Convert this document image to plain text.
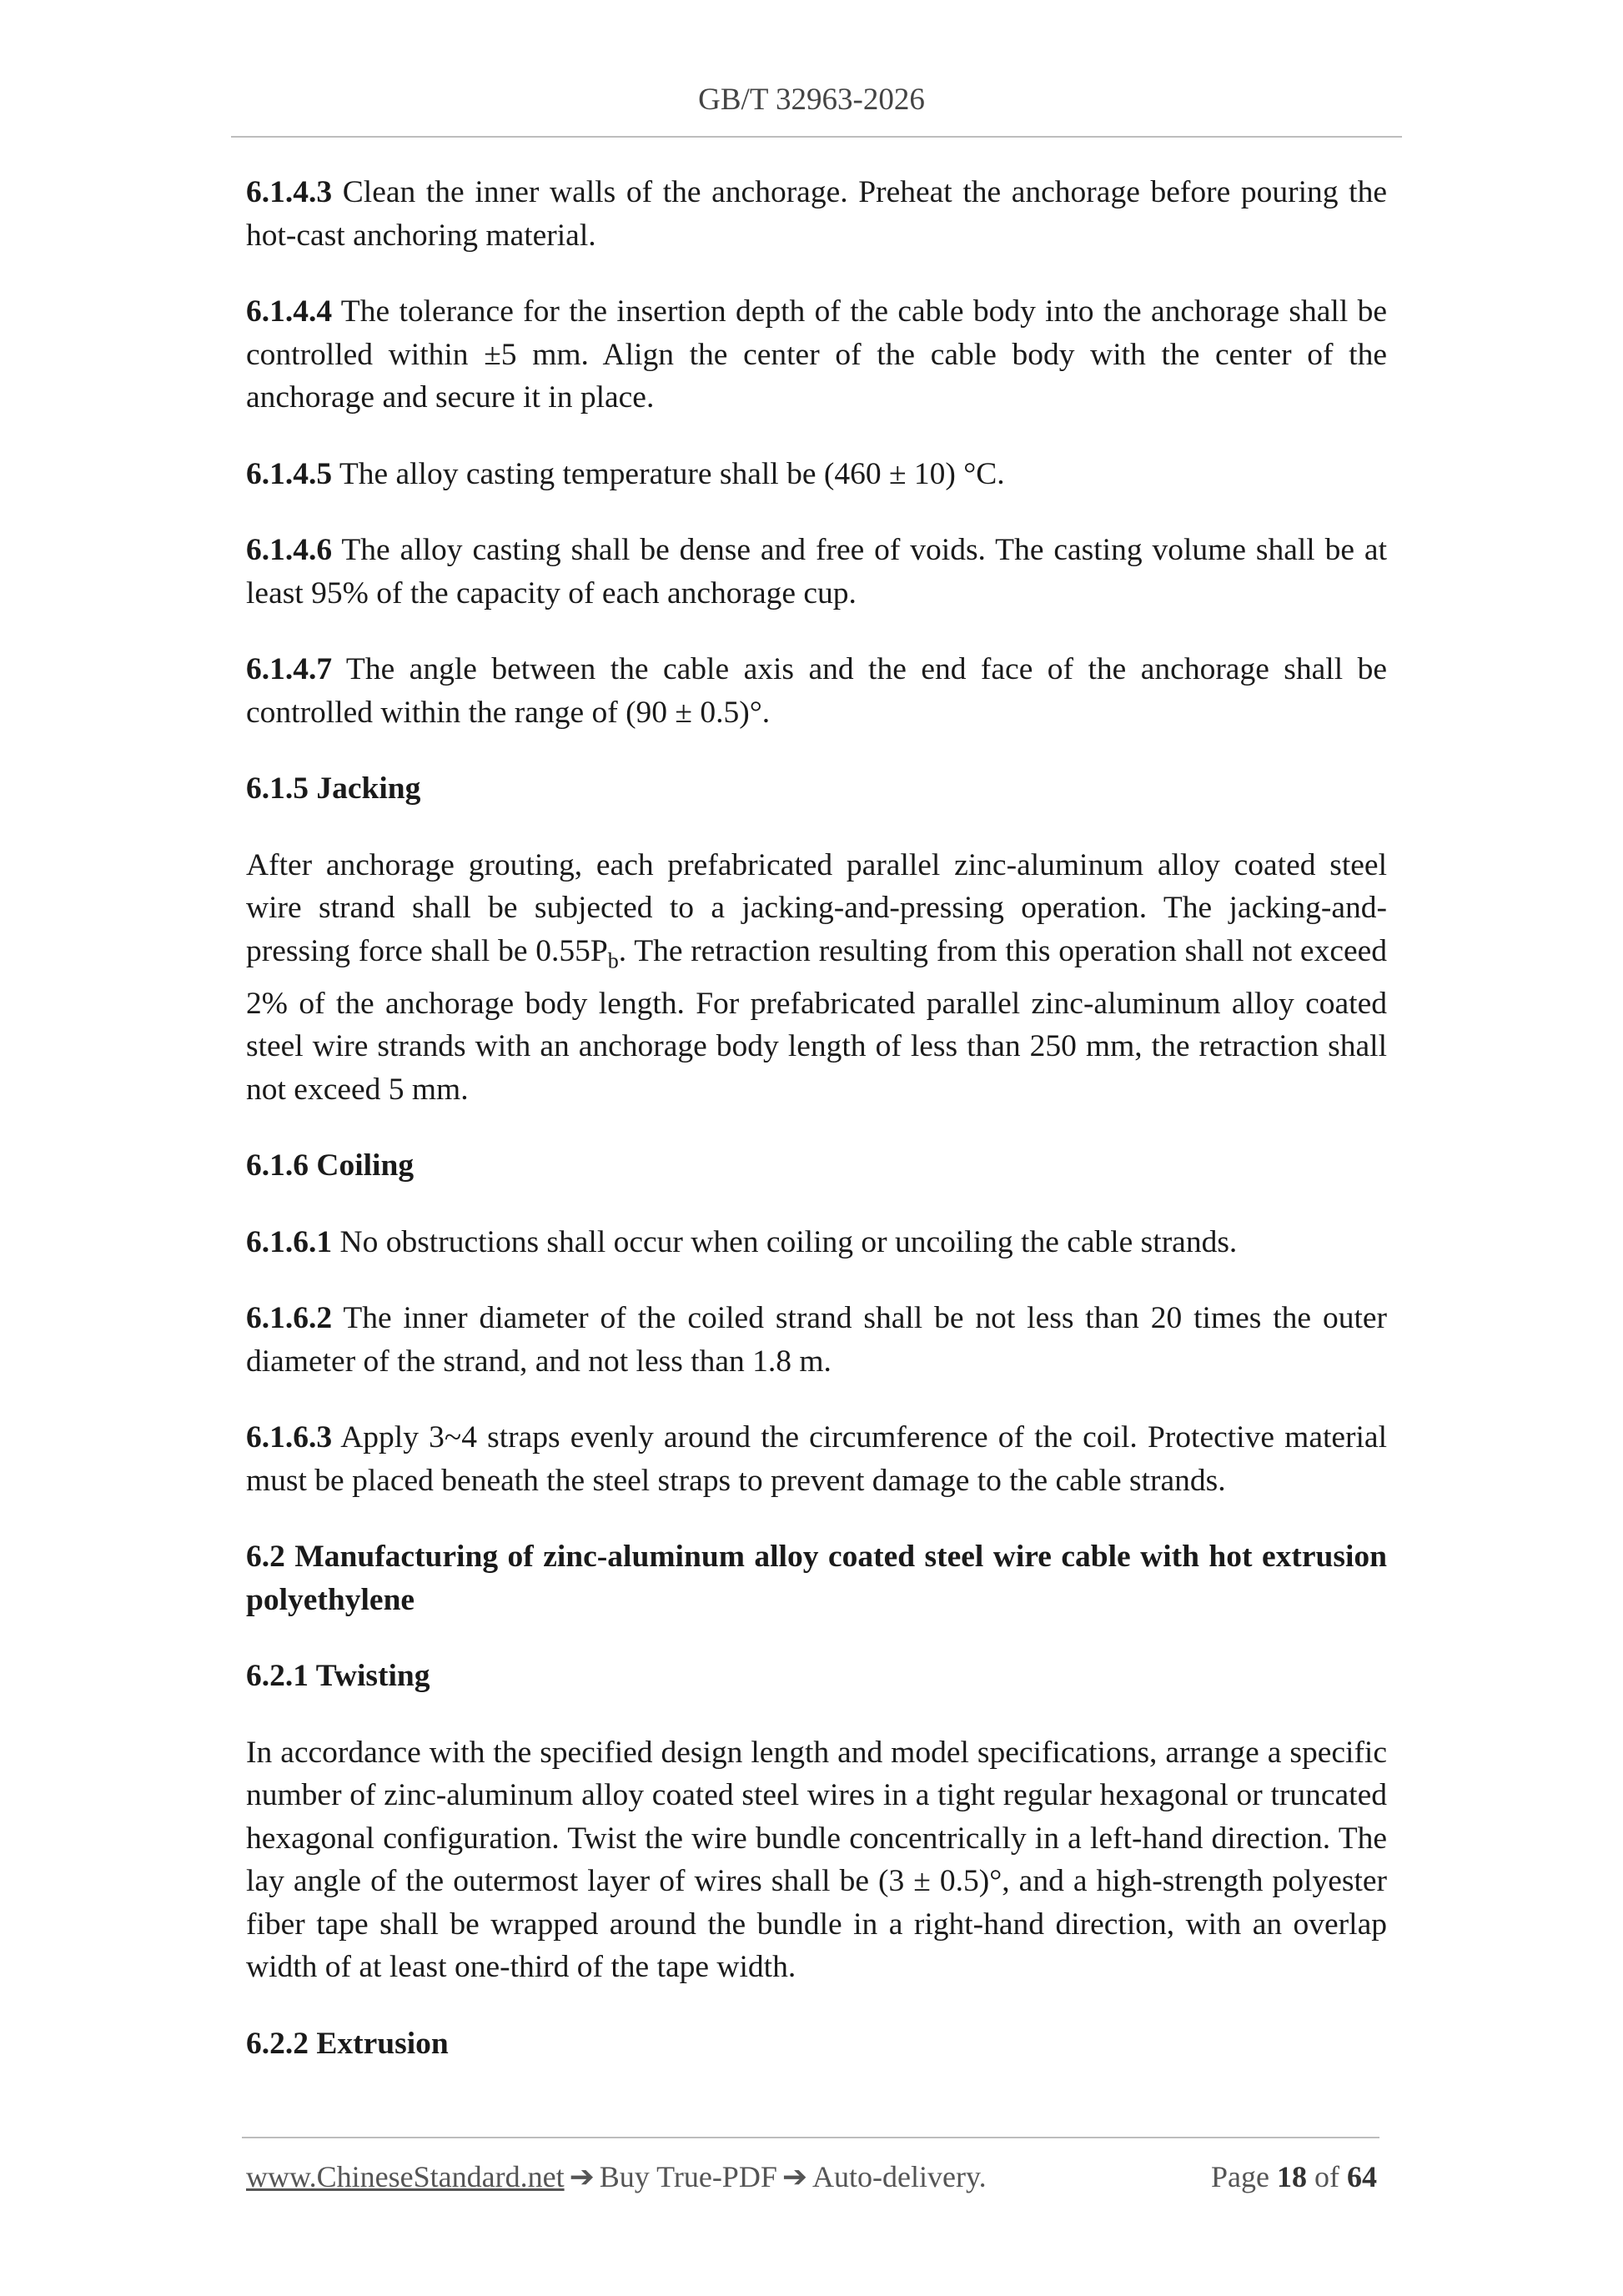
GB/T 32963-2026
6.1.4.3 Clean the inner walls of the anchorage. Preheat the anchorage before pouring the hot-cast anchoring material.
6.1.4.4 The tolerance for the insertion depth of the cable body into the anchorage shall be controlled within ±5 mm. Align the center of the cable body with the center of the anchorage and secure it in place.
6.1.4.5 The alloy casting temperature shall be (460 ± 10) °C.
6.1.4.6 The alloy casting shall be dense and free of voids. The casting volume shall be at least 95% of the capacity of each anchorage cup.
6.1.4.7 The angle between the cable axis and the end face of the anchorage shall be controlled within the range of (90 ± 0.5)°.
6.1.5 Jacking
After anchorage grouting, each prefabricated parallel zinc-aluminum alloy coated steel wire strand shall be subjected to a jacking-and-pressing operation. The jacking-and-pressing force shall be $0.55P_b$. The retraction resulting from this operation shall not exceed 2% of the anchorage body length. For prefabricated parallel zinc-aluminum alloy coated steel wire strands with an anchorage body length of less than 250 mm, the retraction shall not exceed 5 mm.
6.1.6 Coiling
6.1.6.1 No obstructions shall occur when coiling or uncoiling the cable strands.
6.1.6.2 The inner diameter of the coiled strand shall be not less than 20 times the outer diameter of the strand, and not less than 1.8 m.
6.1.6.3 Apply 3~4 straps evenly around the circumference of the coil. Protective material must be placed beneath the steel straps to prevent damage to the cable strands.
6.2 Manufacturing of zinc-aluminum alloy coated steel wire cable with hot extrusion polyethylene
6.2.1 Twisting
In accordance with the specified design length and model specifications, arrange a specific number of zinc-aluminum alloy coated steel wires in a tight regular hexagonal or truncated hexagonal configuration. Twist the wire bundle concentrically in a left-hand direction. The lay angle of the outermost layer of wires shall be (3 ± 0.5)°, and a high-strength polyester fiber tape shall be wrapped around the bundle in a right-hand direction, with an overlap width of at least one-third of the tape width.
6.2.2 Extrusion
www.ChineseStandard.net ➔ Buy True-PDF ➔ Auto-delivery.	Page 18 of 64
